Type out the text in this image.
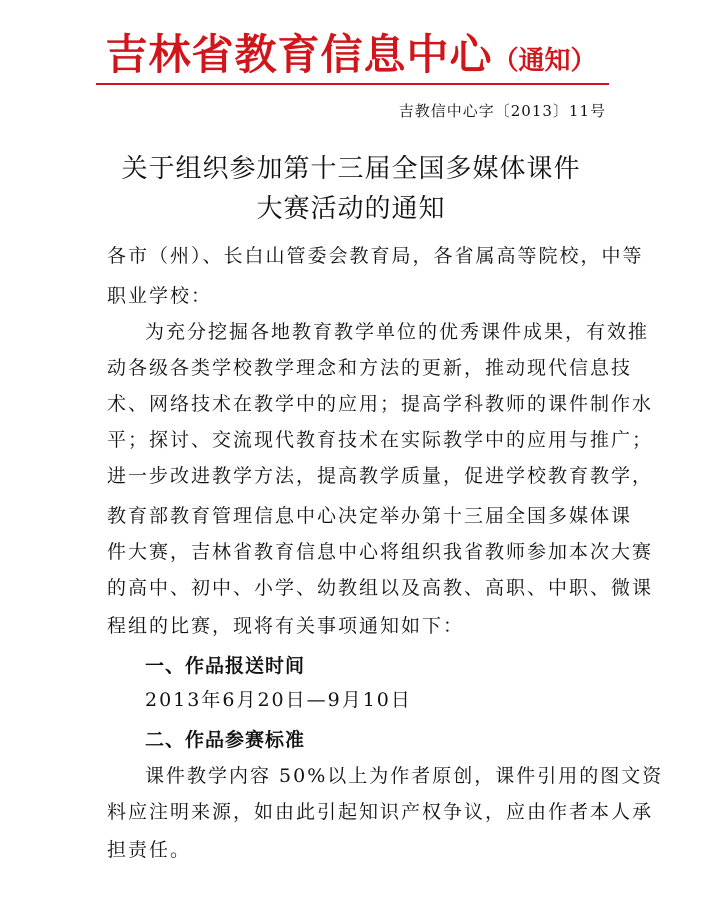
吉林省教育信息中心（通知）
吉教信中心字〔2013〕11号
关于组织参加第十三届全国多媒体课件
大赛活动的通知
各市（州）、长白山管委会教育局，各省属高等院校，中等
职业学校：
为充分挖掘各地教育教学单位的优秀课件成果，有效推
动各级各类学校教学理念和方法的更新，推动现代信息技
术、网络技术在教学中的应用；提高学科教师的课件制作水
平；探讨、交流现代教育技术在实际教学中的应用与推广；
进一步改进教学方法，提高教学质量，促进学校教育教学，
教育部教育管理信息中心决定举办第十三届全国多媒体课
件大赛，吉林省教育信息中心将组织我省教师参加本次大赛
的高中、初中、小学、幼教组以及高教、高职、中职、微课
程组的比赛，现将有关事项通知如下：
一、作品报送时间
2013年6月20日—9月10日
二、作品参赛标准
课件教学内容 50%以上为作者原创，课件引用的图文资
料应注明来源，如由此引起知识产权争议，应由作者本人承
担责任。
